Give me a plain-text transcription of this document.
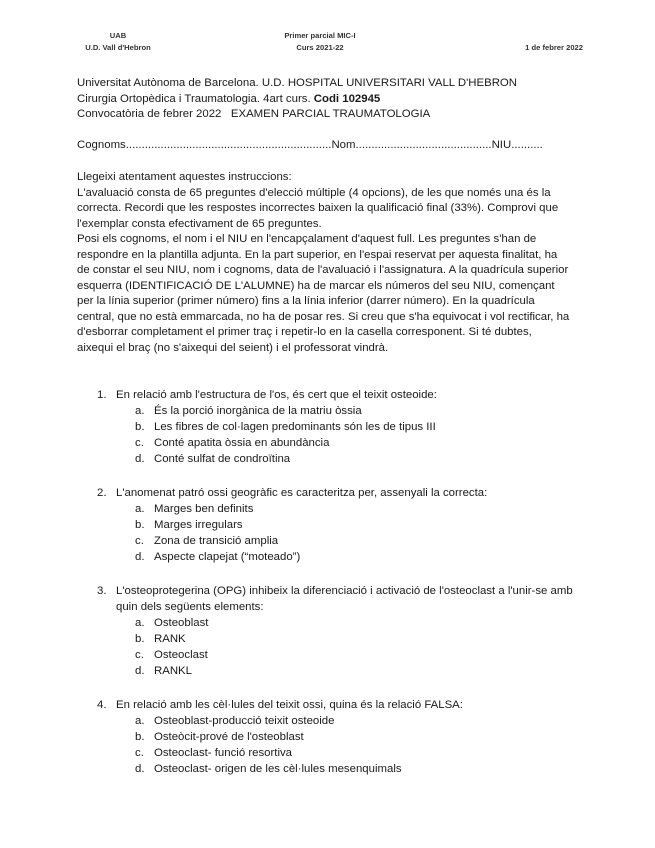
UAB
U.D. Vall d'Hebron
Primer parcial MIC-I
Curs 2021-22	1 de febrer 2022
Universitat Autònoma de Barcelona. U.D. HOSPITAL UNIVERSITARI VALL D'HEBRON
Cirurgia Ortopèdica i Traumatologia. 4art curs. Codi 102945
Convocatòria de febrer 2022   EXAMEN PARCIAL TRAUMATOLOGIA
Cognoms.................................................................Nom...........................................NIU..........

Llegeixi atentament aquestes instruccions:

L'avaluació consta de 65 preguntes d'elecció múltiple (4 opcions), de les que només una és la correcta. Recordi que les respostes incorrectes baixen la qualificació final (33%). Comprovi que l'exemplar consta efectivament de 65 preguntes.

Posi els cognoms, el nom i el NIU en l'encapçalament d'aquest full. Les preguntes s'han de respondre en la plantilla adjunta. En la part superior, en l'espai reservat per aquesta finalitat, ha de constar el seu NIU, nom i cognoms, data de l'avaluació i l'assignatura. A la quadrícula superior esquerra (IDENTIFICACIÓ DE L'ALUMNE) ha de marcar els números del seu NIU, començant per la línia superior (primer número) fins a la línia inferior (darrer número). En la quadrícula central, que no està emmarcada, no ha de posar res. Si creu que s'ha equivocat i vol rectificar, ha d'esborrar completament el primer traç i repetir-lo en la casella corresponent. Si té dubtes, aixequi el braç (no s'aixequi del seient) i el professorat vindrà.

1. En relació amb l'estructura de l'os, és cert que el teixit osteoide:
a. És la porció inorgànica de la matriu òssia
b. Les fibres de col·lagen predominants són les de tipus III
c. Conté apatita òssia en abundància
d. Conté sulfat de condroïtina
2. L'anomenat patró ossi geogràfic es caracteritza per, assenyali la correcta:
a. Marges ben definits
b. Marges irregulars
c. Zona de transició amplia
d. Aspecte clapejat (“moteado”)
3. L'osteoprotegerina (OPG) inhibeix la diferenciació i activació de l'osteoclast a l'unir-se amb quin dels següents elements:
a. Osteoblast
b. RANK
c. Osteoclast
d. RANKL
4. En relació amb les cèl·lules del teixit ossi, quina és la relació FALSA:
a. Osteoblast-producció teixit osteoide
b. Osteòcit-prové de l'osteoblast
c. Osteoclast- funció resortiva
d. Osteoclast- origen de les cèl·lules mesenquimals
